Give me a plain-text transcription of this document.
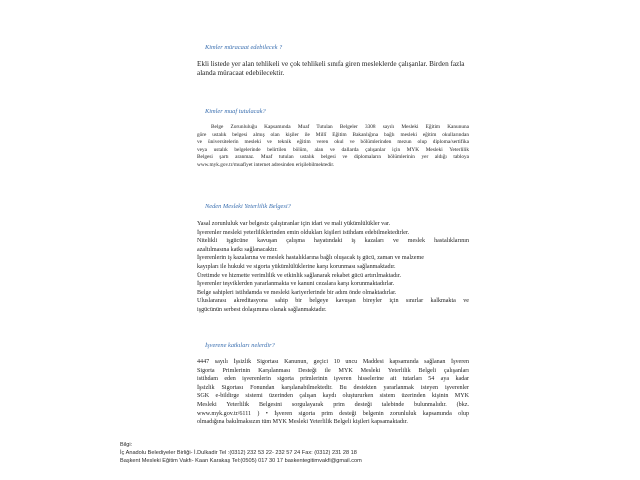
Kimler müracaat edebilecek ?
Ekli listede yer alan tehlikeli ve çok tehlikeli sınıfa giren mesleklerde çalışanlar. Birden fazla
alanda müracaat edebilecektir.
Kimler muaf tutulacak?
Belge Zorunluluğu Kapsamında Muaf Tutulan Belgeler 3308 sayılı Mesleki Eğitim Kanununa
göre ustalık belgesi almış olan kişiler ile Millî Eğitim Bakanlığına bağlı mesleki eğitim okullarından
ve üniversitelerin mesleki ve teknik eğitim veren okul ve bölümlerinden mezun olup diploma/sertifika
veya ustalık belgelerinde belirtilen bölüm, alan ve dallarda çalışanlar için MYK Mesleki Yeterlilik
Belgesi şartı aranmaz. Muaf tutulan ustalık belgesi ve diplomaların bölümlerinin yer aldığı tabloya
www.myk.gov.tr/muafiyet internet adresinden erişilebilmektedir.
Neden Mesleki Yeterlilik Belgesi?
Yasal zorunluluk var belgesiz çalıştıranlar için idari ve mali yükümlülükler var.
İşverenler mesleki yeterliliklerinden emin oldukları kişileri istihdam edebilmektedirler.
Nitelikli işgücüne kavuşan çalışma hayatındaki iş kazaları ve meslek hastalıklarının
azaltılmasına katkı sağlanacaktır.
İşverenlerin iş kazalarına ve meslek hastalıklarına bağlı oluşacak iş gücü, zaman ve malzeme
kayıpları ile hukuki ve sigorta yükümlülüklerine karşı korunması sağlanmaktadır.
Üretimde ve hizmette verimlilik ve etkinlik sağlanarak rekabet gücü artırılmaktadır.
İşverenler teşviklerden yararlanmakta ve kanuni cezalara karşı korunmaktadırlar.
Belge sahipleri istihdamda ve mesleki kariyerlerinde bir adım önde olmaktadırlar.
Uluslararası akreditasyona sahip bir belgeye kavuşan bireyler için sınırlar kalkmakta ve
işgücünün serbest dolaşımına olanak sağlanmaktadır.
İşverene katkıları nelerdir?
4447 sayılı İşsizlik Sigortası Kanunun, geçici 10 uncu Maddesi kapsamında sağlanan İşveren
Sigorta Primlerinin Karşılanması Desteği ile MYK Mesleki Yeterlilik Belgeli çalışanları
istihdam eden işverenlerin sigorta primlerinin işveren hisselerine ait tutarları 54 aya kadar
İşsizlik Sigortası Fonundan karşılanabilmektedir. Bu destekten yararlanmak isteyen işverenler
SGK e-bildirge sistemi üzerinden çalışan kaydı oluştururken sistem üzerinden kişinin MYK
Mesleki Yeterlilik Belgesini sorgulayarak prim desteği talebinde bulunmalıdır. (bkz.
www.myk.gov.tr/6111 ) • İşveren sigorta prim desteği belgenin zorunluluk kapsamında olup
olmadığına bakılmaksızın tüm MYK Mesleki Yeterlilik Belgeli kişileri kapsamaktadır.
Bilgi:
İç Anadolu Belediyeler Birliği- İ.Dulkadir Tel :(0312) 232 53 22- 232 57 24 Fax: (0312) 231 28 18
Başkent Mesleki Eğitim Vakfı- Kaan Karakaş Tel:(0505) 017 30 17 baskentegitimvakfi@gmail.com
